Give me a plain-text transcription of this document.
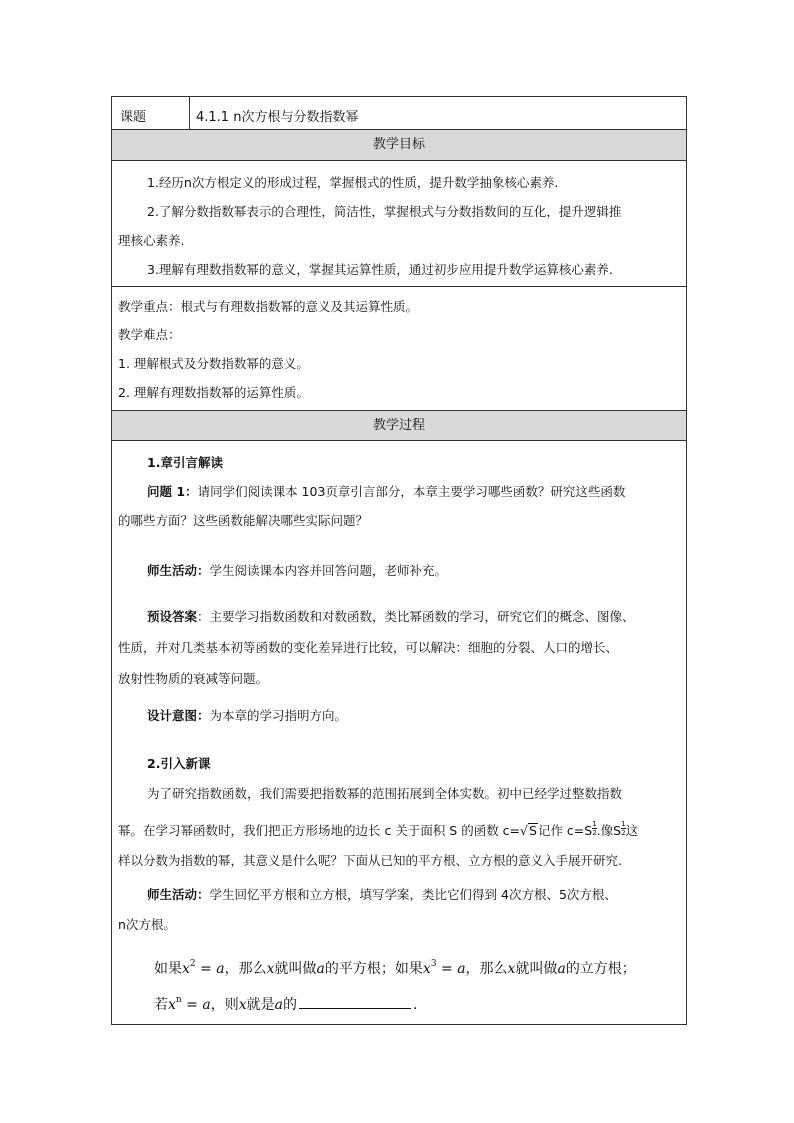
课题	4.1.1 n次方根与分数指数幂
教学目标
1.经历n次方根定义的形成过程，掌握根式的性质，提升数学抽象核心素养.
2.了解分数指数幂表示的合理性，简洁性，掌握根式与分数指数间的互化，提升逻辑推
理核心素养.
3.理解有理数指数幂的意义，掌握其运算性质，通过初步应用提升数学运算核心素养.
教学重点：根式与有理数指数幂的意义及其运算性质。
教学难点：
1. 理解根式及分数指数幂的意义。
2. 理解有理数指数幂的运算性质。
教学过程
1.章引言解读
问题 1：请同学们阅读课本 103页章引言部分，本章主要学习哪些函数？研究这些函数
的哪些方面？这些函数能解决哪些实际问题？
师生活动：学生阅读课本内容并回答问题，老师补充。
预设答案：主要学习指数函数和对数函数，类比幂函数的学习，研究它们的概念、图像、
性质，并对几类基本初等函数的变化差异进行比较，可以解决：细胞的分裂、人口的增长、
放射性物质的衰减等问题。
设计意图：为本章的学习指明方向。
2.引入新课
为了研究指数函数，我们需要把指数幂的范围拓展到全体实数。初中已经学过整数指数
幂。在学习幂函数时，我们把正方形场地的边长 c 关于面积 S 的函数 c=√S记作 $c=S \frac{1}{2}$ .像S $\frac{1}{2}$ 这
样以分数为指数的幂，其意义是什么呢？下面从已知的平方根、立方根的意义入手展开研究.
师生活动：学生回忆平方根和立方根，填写学案，类比它们得到 4次方根、5次方根、
n次方根。
如果$x^2 = a$，那么x就叫做a的平方根；如果$x^3 = a$，那么x就叫做a的立方根；
若$x^n = a$，则x就是a的	.
